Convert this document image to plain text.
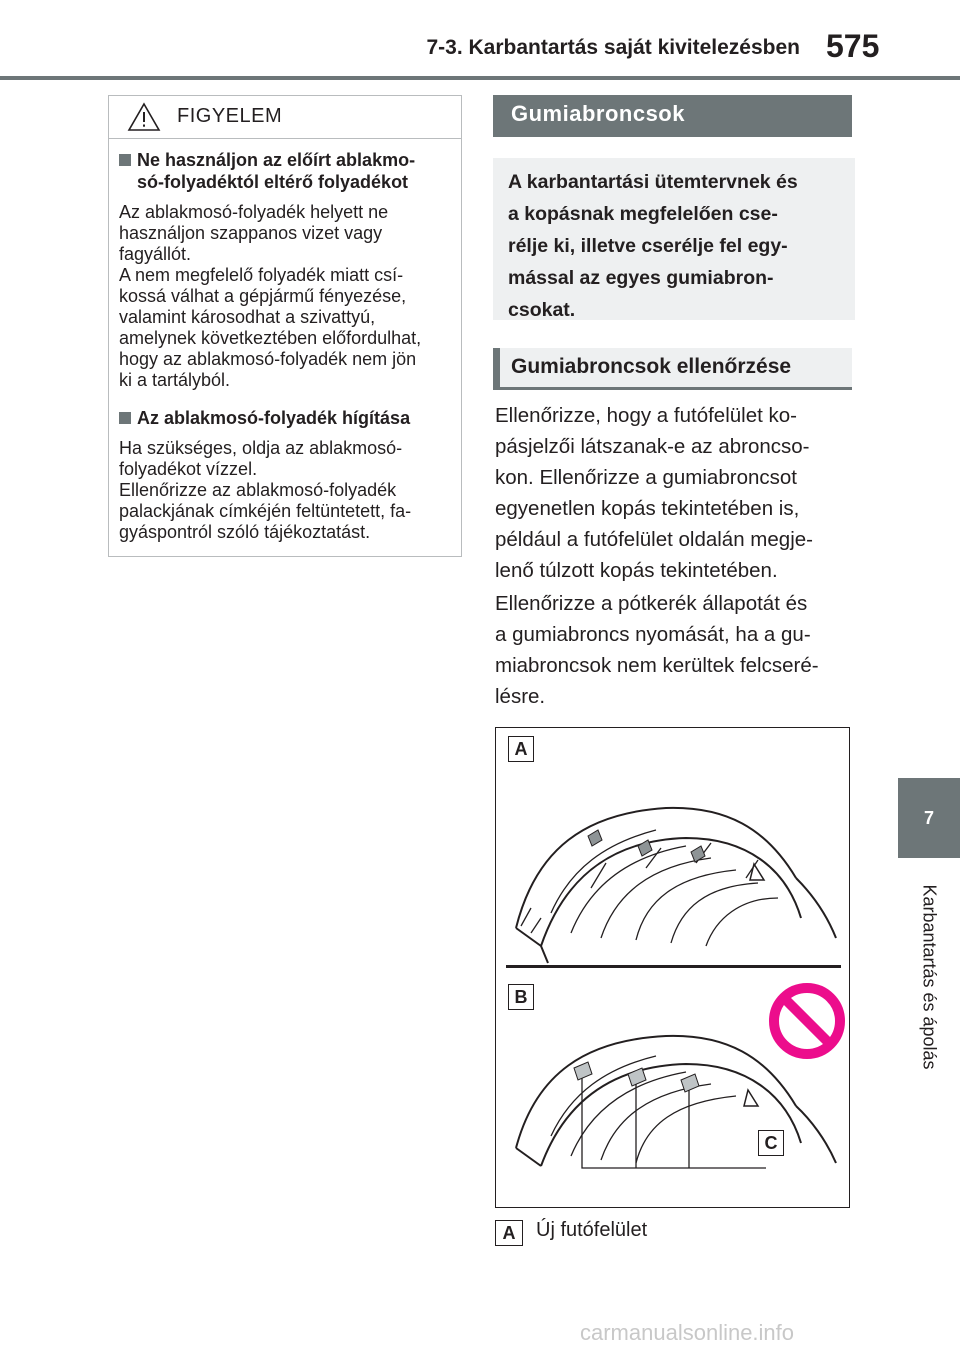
7-3. Karbantartás saját kivitelezésben 575
7
Karbantartás és ápolás
FIGYELEM
Ne használjon az előírt ablakmo-
só-folyadéktól eltérő folyadékot
Az ablakmosó-folyadék helyett ne
használjon szappanos vizet vagy
fagyállót.
A nem megfelelő folyadék miatt csí-
kossá válhat a gépjármű fényezése,
valamint károsodhat a szivattyú,
amelynek következtében előfordulhat,
hogy az ablakmosó-folyadék nem jön
ki a tartályból.
Az ablakmosó-folyadék hígítása
Ha szükséges, oldja az ablakmosó-
folyadékot vízzel.
Ellenőrizze az ablakmosó-folyadék
palackjának címkéjén feltüntetett, fa-
gyáspontról szóló tájékoztatást.
Gumiabroncsok
A karbantartási ütemtervnek és
a kopásnak megfelelően cse-
rélje ki, illetve cserélje fel egy-
mással az egyes gumiabron-
csokat.
Gumiabroncsok ellenőrzése
Ellenőrizze, hogy a futófelület ko-
pásjelzői látszanak-e az abroncso-
kon. Ellenőrizze a gumiabroncsot
egyenetlen kopás tekintetében is,
például a futófelület oldalán megje-
lenő túlzott kopás tekintetében.
Ellenőrizze a pótkerék állapotát és
a gumiabroncs nyomását, ha a gu-
miabroncsok nem kerültek felcseré-
lésre.
A
B
C
A	Új futófelület
carmanualsonline.info
